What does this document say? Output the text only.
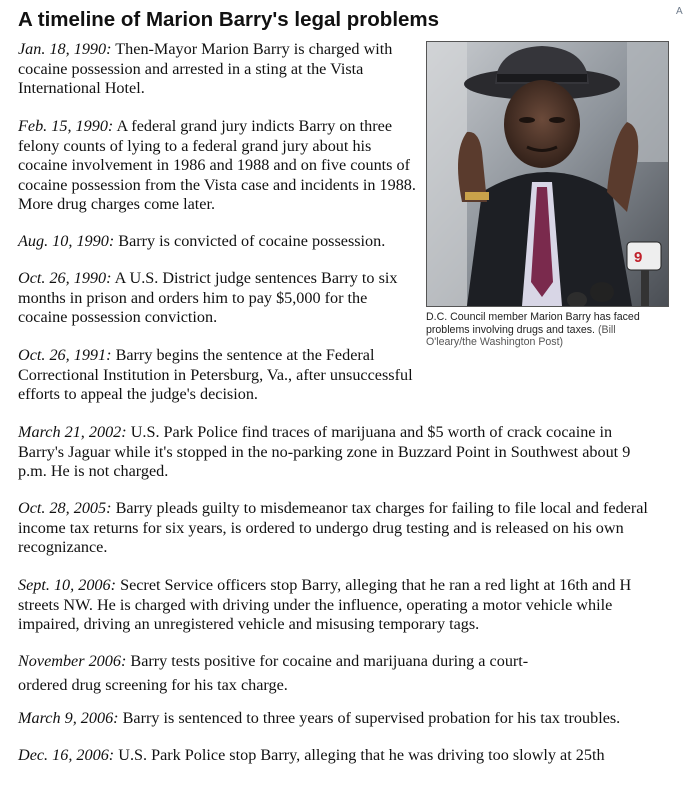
A timeline of Marion Barry's legal problems	A
9
D.C. Council member Marion Barry has faced problems involving drugs and taxes. (Bill O'leary/the Washington Post)

Jan. 18, 1990: Then-Mayor Marion Barry is charged with cocaine possession and arrested in a sting at the Vista International Hotel.

Feb. 15, 1990: A federal grand jury indicts Barry on three felony counts of lying to a federal grand jury about his cocaine involvement in 1986 and 1988 and on five counts of cocaine possession from the Vista case and incidents in 1988. More drug charges come later.

Aug. 10, 1990: Barry is convicted of cocaine possession.

Oct. 26, 1990: A U.S. District judge sentences Barry to six months in prison and orders him to pay $5,000 for the cocaine possession conviction.

Oct. 26, 1991: Barry begins the sentence at the Federal Correctional Institution in Petersburg, Va., after unsuccessful efforts to appeal the judge's decision.

March 21, 2002: U.S. Park Police find traces of marijuana and $5 worth of crack cocaine in Barry's Jaguar while it's stopped in the no-parking zone in Buzzard Point in Southwest about 9 p.m. He is not charged.

Oct. 28, 2005: Barry pleads guilty to misdemeanor tax charges for failing to file local and federal income tax returns for six years, is ordered to undergo drug testing and is released on his own recognizance.

Sept. 10, 2006: Secret Service officers stop Barry, alleging that he ran a red light at 16th and H streets NW. He is charged with driving under the influence, operating a motor vehicle while impaired, driving an unregistered vehicle and misusing temporary tags.

November 2006: Barry tests positive for cocaine and marijuana during a court-ordered drug screening for his tax charge.

March 9, 2006: Barry is sentenced to three years of supervised probation for his tax troubles.

Dec. 16, 2006: U.S. Park Police stop Barry, alleging that he was driving too slowly at 25th
